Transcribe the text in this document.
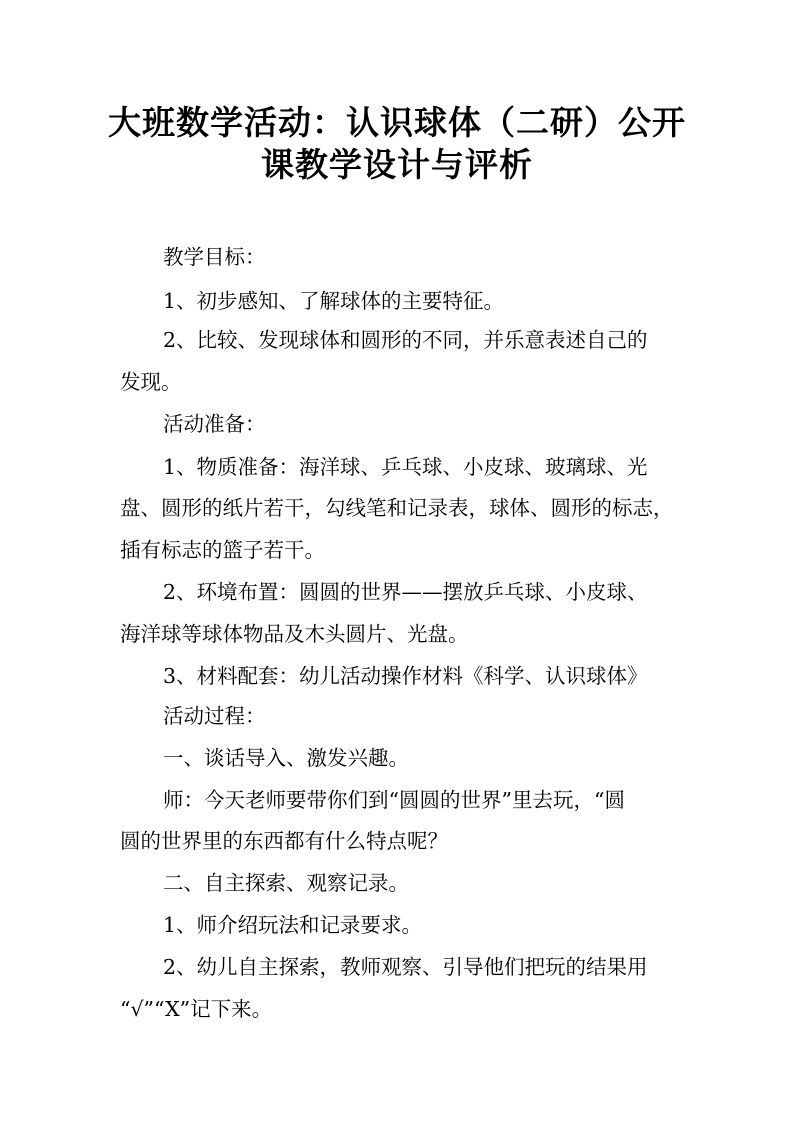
大班数学活动：认识球体（二研）公开
课教学设计与评析
教学目标：
1、初步感知、了解球体的主要特征。
2、比较、发现球体和圆形的不同，并乐意表述自己的
发现。
活动准备：
1、物质准备：海洋球、乒乓球、小皮球、玻璃球、光
盘、圆形的纸片若干，勾线笔和记录表，球体、圆形的标志，
插有标志的篮子若干。
2、环境布置：圆圆的世界——摆放乒乓球、小皮球、
海洋球等球体物品及木头圆片、光盘。
3、材料配套：幼儿活动操作材料《科学、认识球体》
活动过程：
一、谈话导入、激发兴趣。
师：今天老师要带你们到“圆圆的世界”里去玩，“圆
圆的世界里的东西都有什么特点呢？
二、自主探索、观察记录。
1、师介绍玩法和记录要求。
2、幼儿自主探索，教师观察、引导他们把玩的结果用
“√”“X”记下来。
